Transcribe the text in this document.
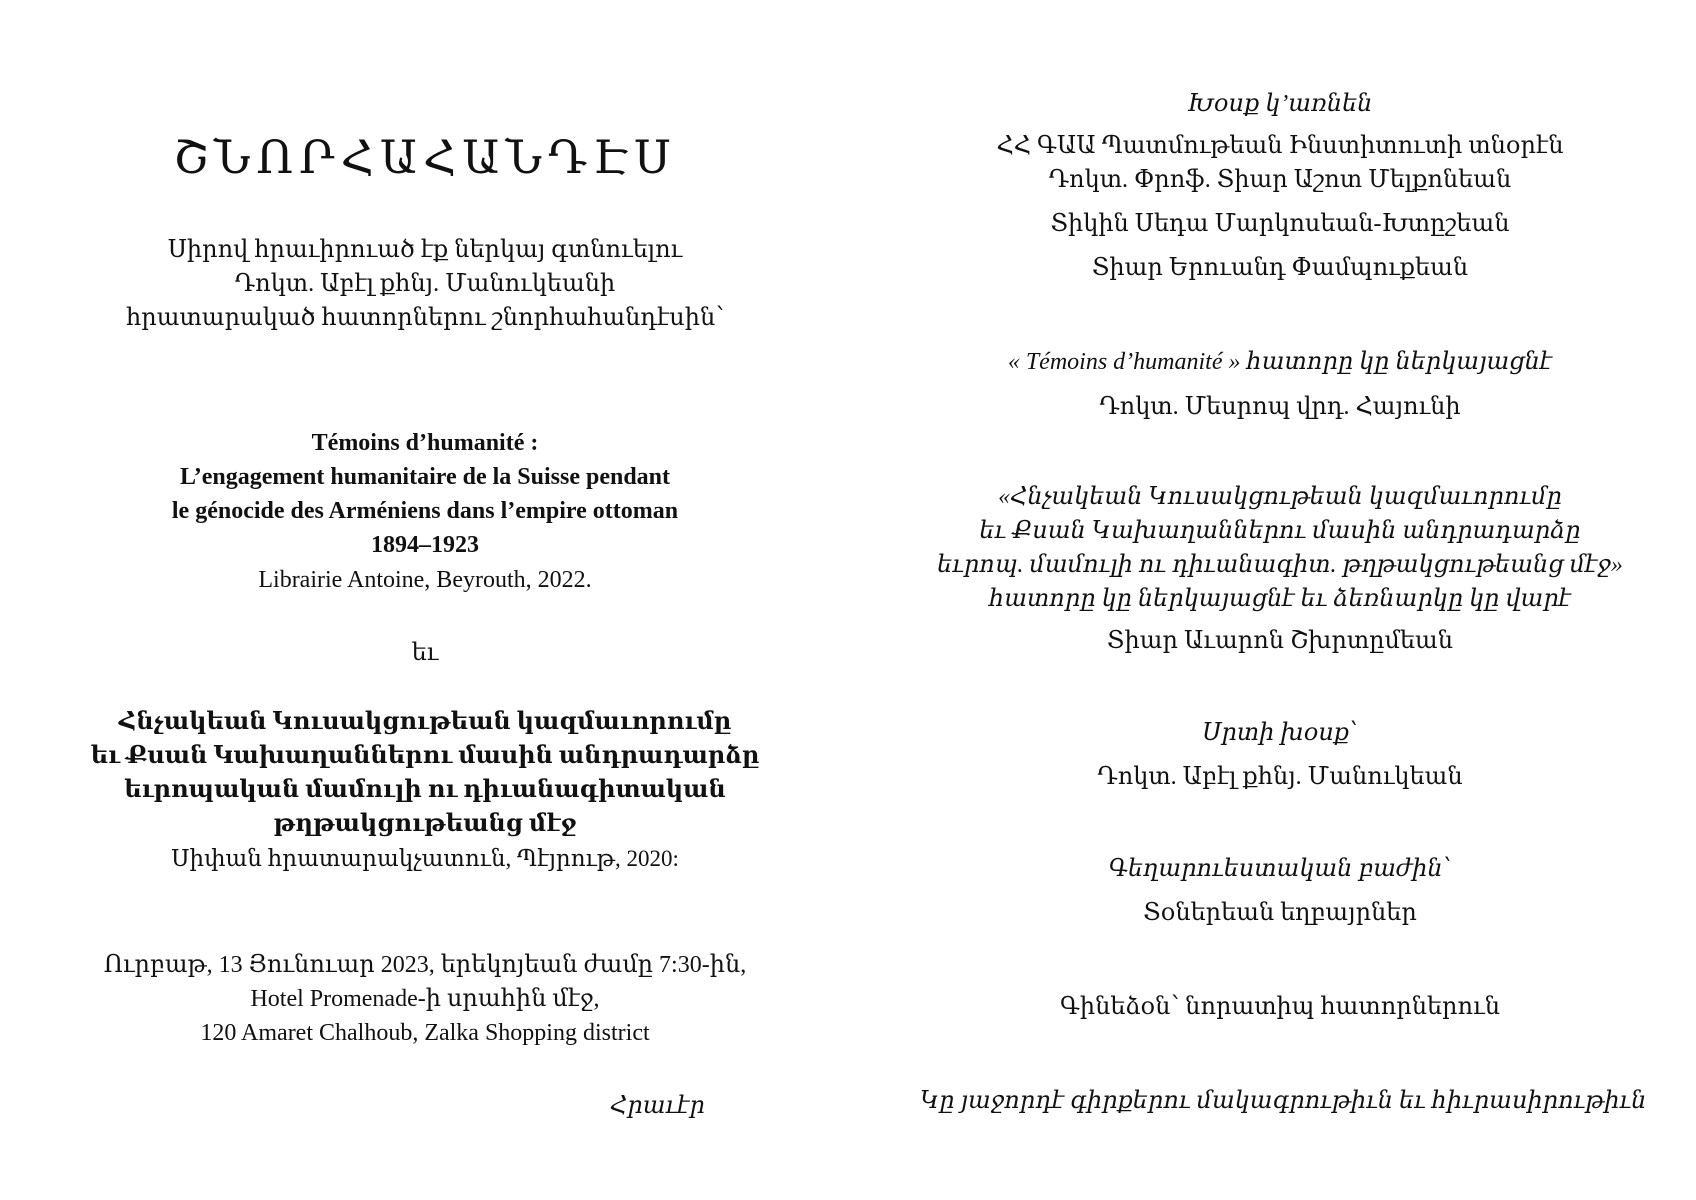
ՇՆՈՐՀԱՀԱՆԴԷՍ
Սիրով հրաւիրուած էք ներկայ գտնուելու
Դոկտ. Աբէլ քհնյ. Մանուկեանի
հրատարակած հատորներու շնորհահանդէսին՝
Témoins d’humanité :
L’engagement humanitaire de la Suisse pendant
le génocide des Arméniens dans l’empire ottoman
1894–1923
Librairie Antoine, Beyrouth, 2022.
եւ
Հնչակեան Կուսակցութեան կազմաւորումը
եւ Քսան Կախաղաններու մասին անդրադարձը
եւրոպական մամուլի ու դիւանագիտական
թղթակցութեանց մէջ
Սիփան հրատարակչատուն, Պէյրութ, 2020:
Ուրբաթ, 13 Յունուար 2023, երեկոյեան ժամը 7:30-ին,
Hotel Promenade-ի սրահին մէջ,
120 Amaret Chalhoub, Zalka Shopping district
Հրաւէր
Խօսք կ’առնեն
ՀՀ ԳԱԱ Պատմութեան Ինստիտուտի տնօրէն
Դոկտ. Փրոֆ. Տիար Աշոտ Մելքոնեան
Տիկին Սեդա Մարկոսեան-Խտըշեան
Տիար Երուանդ Փամպուքեան
« Témoins d’humanité » հատորը կը ներկայացնէ
Դոկտ. Մեսրոպ վրդ. Հայունի
«Հնչակեան Կուսակցութեան կազմաւորումը
եւ Քսան Կախաղաններու մասին անդրադարձը
եւրոպ. մամուլի ու դիւանագիտ. թղթակցութեանց մէջ»
հատորը կը ներկայացնէ եւ ձեռնարկը կը վարէ
Տիար Աւարոն Շխրտըմեան
Սրտի խօսք՝
Դոկտ. Աբէլ քհնյ. Մանուկեան
Գեղարուեստական բաժին՝
Տօներեան եղբայրներ
Գինեձօն՝ նորատիպ հատորներուն
Կը յաջորդէ գիրքերու մակագրութիւն եւ հիւրասիրութիւն
